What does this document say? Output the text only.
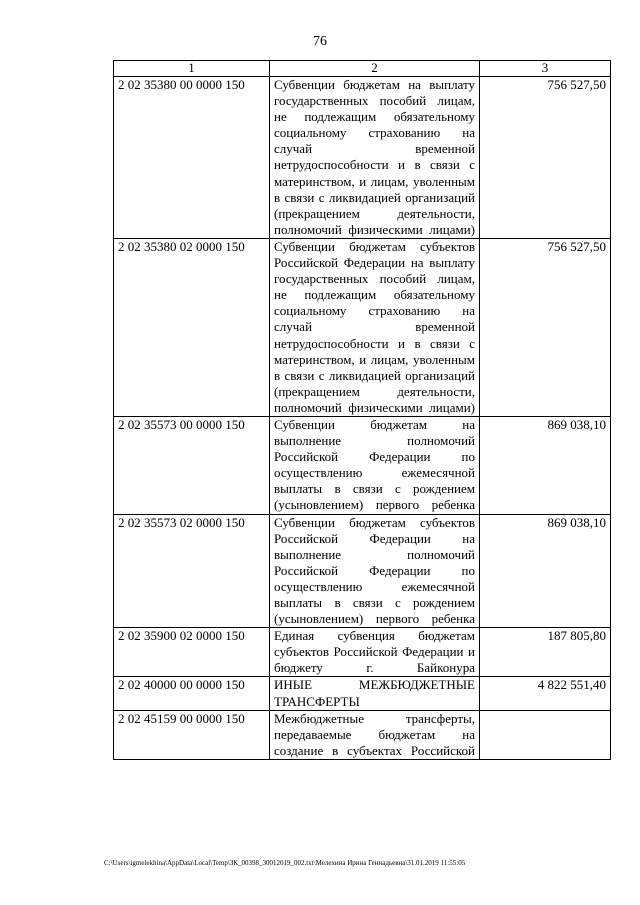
76
1	2	3
2 02 35380 00 0000 150	Субвенции бюджетам на выплату государственных пособий лицам, не подлежащим обязательному социальному страхованию на случай временной нетрудоспособности и в связи с материнством, и лицам, уволенным в связи с ликвидацией организаций (прекращением деятельности, полномочий физическими лицами)	756 527,50
2 02 35380 02 0000 150	Субвенции бюджетам субъектов Российской Федерации на выплату государственных пособий лицам, не подлежащим обязательному социальному страхованию на случай временной нетрудоспособности и в связи с материнством, и лицам, уволенным в связи с ликвидацией организаций (прекращением деятельности, полномочий физическими лицами)	756 527,50
2 02 35573 00 0000 150	Субвенции бюджетам на выполнение полномочий Российской Федерации по осуществлению ежемесячной выплаты в связи с рождением (усыновлением) первого ребенка	869 038,10
2 02 35573 02 0000 150	Субвенции бюджетам субъектов Российской Федерации на выполнение полномочий Российской Федерации по осуществлению ежемесячной выплаты в связи с рождением (усыновлением) первого ребенка	869 038,10
2 02 35900 02 0000 150	Единая субвенция бюджетам субъектов Российской Федерации и бюджету г. Байконура	187 805,80
2 02 40000 00 0000 150	ИНЫЕ МЕЖБЮДЖЕТНЫЕ ТРАНСФЕРТЫ	4 822 551,40
2 02 45159 00 0000 150	Межбюджетные трансферты, передаваемые бюджетам на создание в субъектах Российской	
C:\Users\igmelekhina\AppData\Local\Temp\ЗК_00398_30012019_002.txt\Мелехина Ирина Геннадьевна\31.01.2019 11:55:05
